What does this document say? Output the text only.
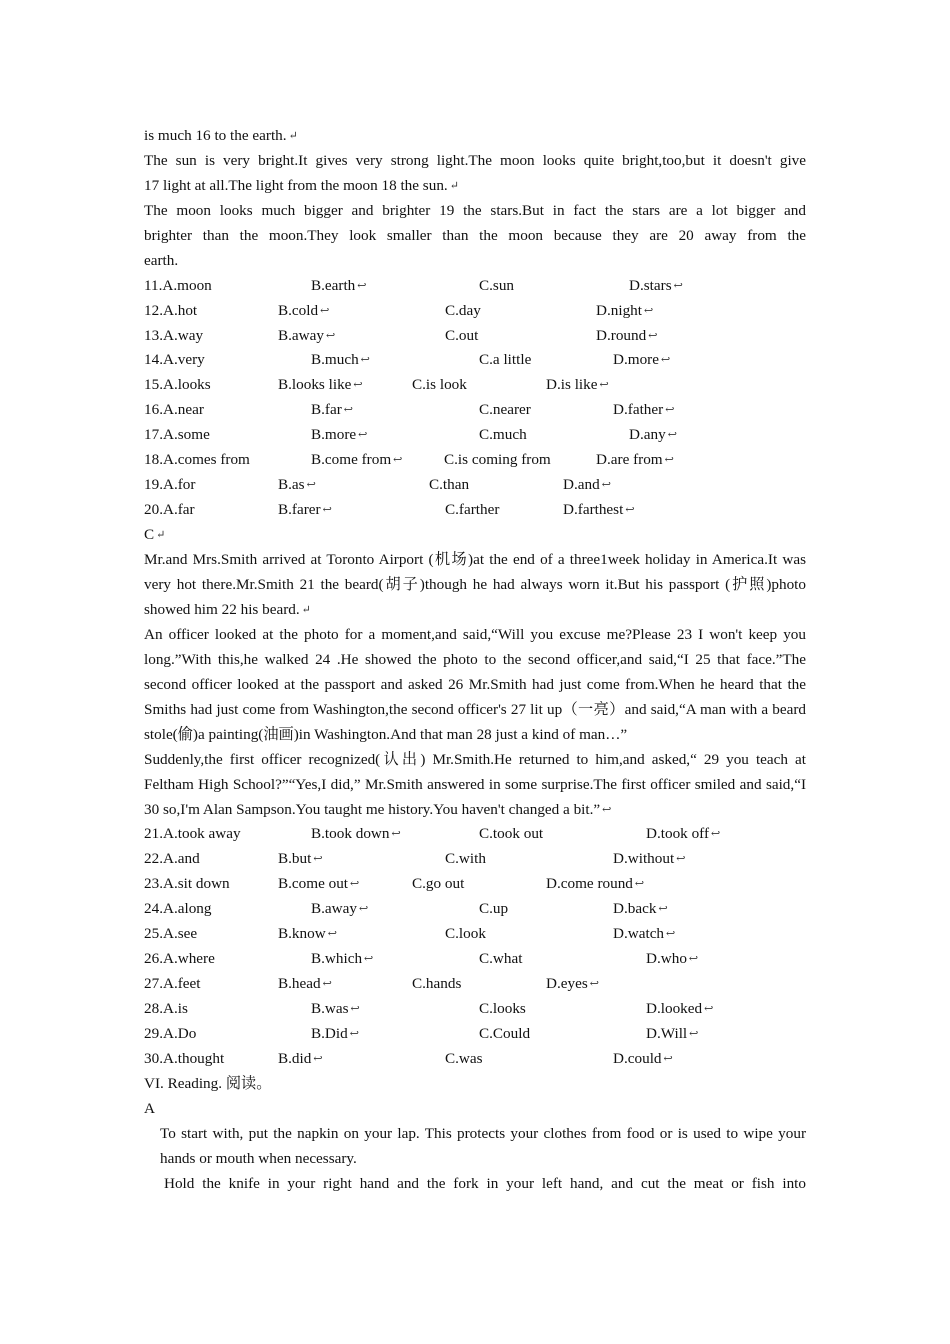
is much 16 to the earth. ↵
The sun is very bright.It gives very strong light.The moon looks quite bright,too,but it doesn't give
17 light at all.The light from the moon 18 the sun. ↵
The moon looks much bigger and brighter 19 the stars.But in fact the stars are a lot bigger and
brighter than the moon.They look smaller than the moon because they are 20 away from the
earth.
11.A.moon	B.earth ↩	C.sun	D.stars ↩
12.A.hot	B.cold ↩	C.day	D.night ↩
13.A.way	B.away ↩	C.out	D.round ↩
14.A.very	B.much ↩	C.a little	D.more ↩
15.A.looks	B.looks like ↩	C.is look	D.is like ↩
16.A.near	B.far ↩	C.nearer	D.father ↩
17.A.some	B.more ↩	C.much	D.any ↩
18.A.comes from	B.come from ↩	C.is coming from	D.are from ↩
19.A.for	B.as ↩	C.than	D.and ↩
20.A.far	B.farer ↩	C.farther	D.farthest ↩
C ↵
Mr.and Mrs.Smith arrived at Toronto Airport (机场)at the end of a three1week holiday in America.It was very hot there.Mr.Smith 21 the beard(胡子)though he had always worn it.But his passport (护照)photo showed him 22 his beard. ↵
An officer looked at the photo for a moment,and said,“Will you excuse me?Please 23 I won't keep you long.”With this,he walked 24 .He showed the photo to the second officer,and said,“I 25 that face.”The second officer looked at the passport and asked 26 Mr.Smith had just come from.When he heard that the Smiths had just come from Washington,the second officer's 27 lit up（一亮）and said,“A man with a beard stole(偷)a painting(油画)in Washington.And that man 28 just a kind of man…”
Suddenly,the first officer recognized(认出) Mr.Smith.He returned to him,and asked,“ 29 you teach at Feltham High School?”“Yes,I did,” Mr.Smith answered in some surprise.The first officer smiled and said,“I 30 so,I'm Alan Sampson.You taught me history.You haven't changed a bit.” ↩
21.A.took away	B.took down ↩	C.took out	D.took off ↩
22.A.and	B.but ↩	C.with	D.without ↩
23.A.sit down	B.come out ↩	C.go out	D.come round ↩
24.A.along	B.away ↩	C.up	D.back ↩
25.A.see	B.know ↩	C.look	D.watch ↩
26.A.where	B.which ↩	C.what	D.who ↩
27.A.feet	B.head ↩	C.hands	D.eyes ↩
28.A.is	B.was ↩	C.looks	D.looked ↩
29.A.Do	B.Did ↩	C.Could	D.Will ↩
30.A.thought	B.did ↩	C.was	D.could ↩
VI. Reading. 阅读。
A
To start with, put the napkin on your lap. This protects your clothes from food or is used to wipe your hands or mouth when necessary.
Hold the knife in your right hand and the fork in your left hand, and cut the meat or fish into
